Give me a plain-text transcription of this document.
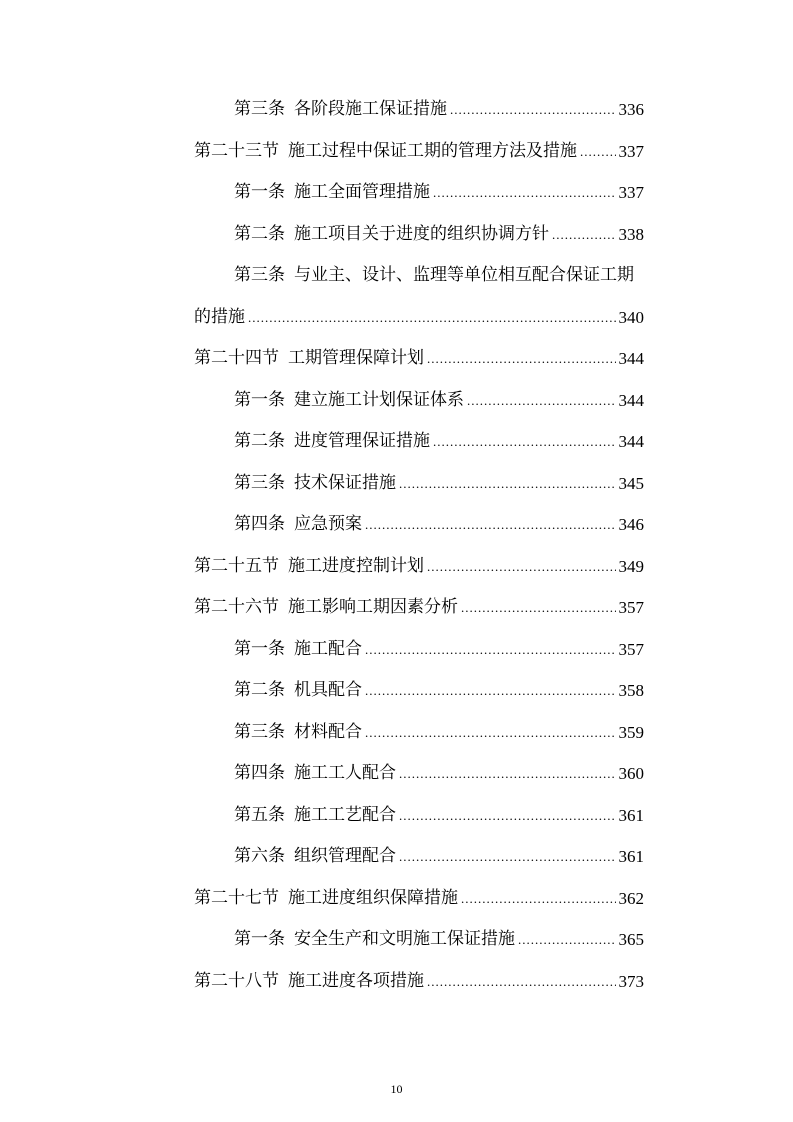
第三条 各阶段施工保证措施 .....	336
第二十三节 施工过程中保证工期的管理方法及措施 ..... 337
第一条 施工全面管理措施 .....	337
第二条 施工项目关于进度的组织协调方针 .....	338
第三条 与业主、设计、监理等单位相互配合保证工期
的措施 .....	340
第二十四节 工期管理保障计划 .....	344
第一条 建立施工计划保证体系 .....	344
第二条 进度管理保证措施 .....	344
第三条 技术保证措施 .....	345
第四条 应急预案 .....	346
第二十五节 施工进度控制计划 .....	349
第二十六节 施工影响工期因素分析 .....	357
第一条 施工配合 .....	357
第二条 机具配合 .....	358
第三条 材料配合 .....	359
第四条 施工工人配合 .....	360
第五条 施工工艺配合 .....	361
第六条 组织管理配合 .....	361
第二十七节 施工进度组织保障措施 .....	362
第一条 安全生产和文明施工保证措施 .....	365
第二十八节 施工进度各项措施 .....	373
10
